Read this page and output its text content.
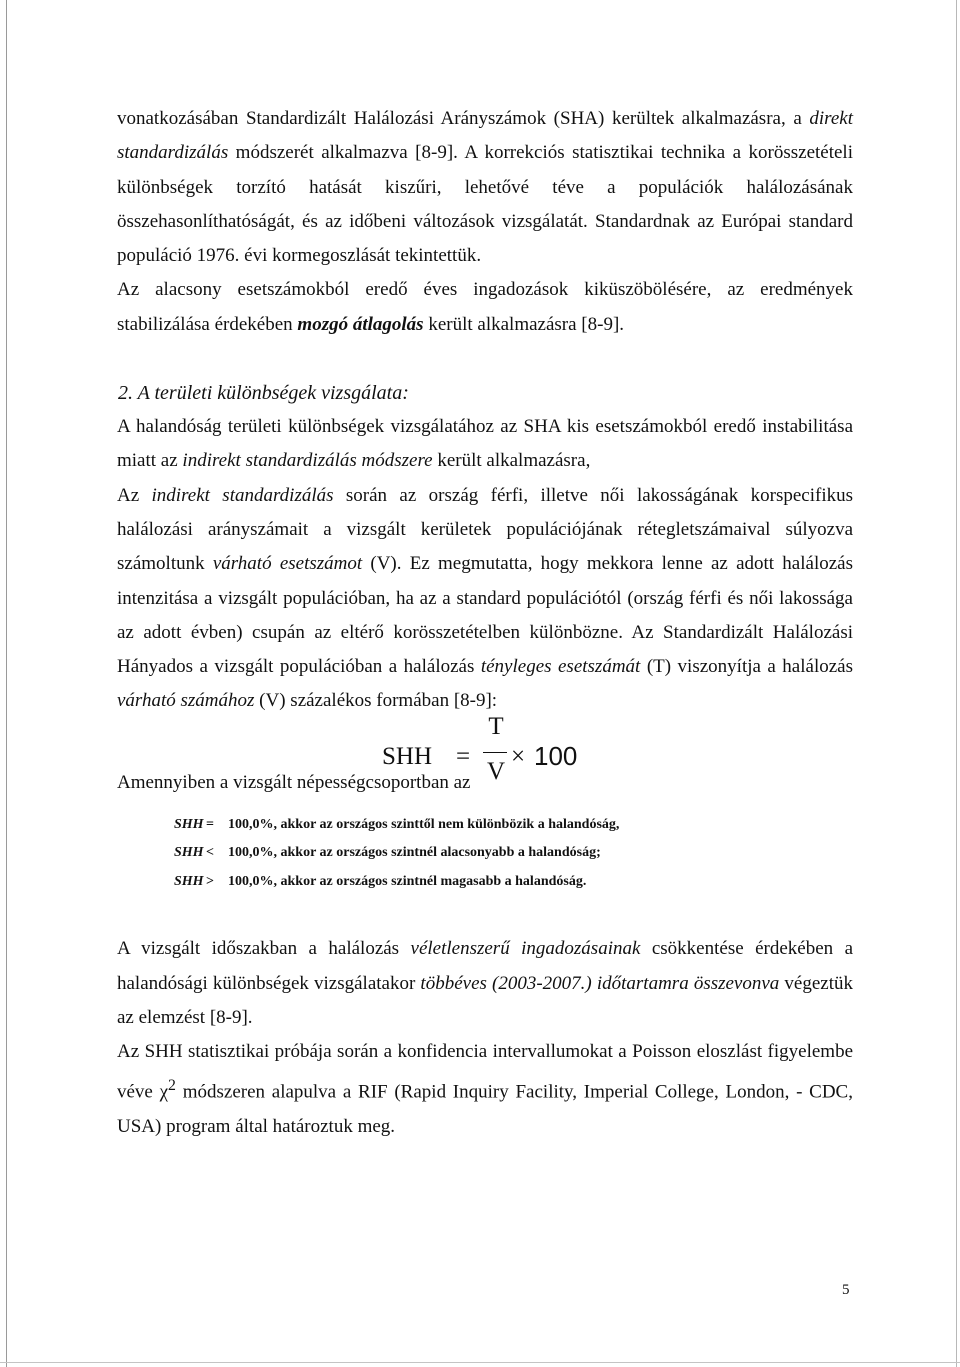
vonatkozásában Standardizált Halálozási Arányszámok (SHA) kerültek alkalmazásra, a direkt standardizálás módszerét alkalmazva [8-9]. A korrekciós statisztikai technika a korösszetételi különbségek torzító hatását kiszűri, lehetővé téve a populációk halálozásának összehasonlíthatóságát, és az időbeni változások vizsgálatát. Standardnak az Európai standard populáció 1976. évi kormegoszlását tekintettük.

Az alacsony esetszámokból eredő éves ingadozások kiküszöbölésére, az eredmények stabilizálása érdekében mozgó átlagolás került alkalmazásra [8-9].

2. A területi különbségek vizsgálata:

A halandóság területi különbségek vizsgálatához az SHA kis esetszámokból eredő instabilitása miatt az indirekt standardizálás módszere került alkalmazásra,

Az indirekt standardizálás során az ország férfi, illetve női lakosságának korspecifikus halálozási arányszámait a vizsgált kerületek populációjának rétegletszámaival súlyozva számoltunk várható esetszámot (V). Ez megmutatta, hogy mekkora lenne az adott halálozás intenzitása a vizsgált populációban, ha az a standard populációtól (ország férfi és női lakossága az adott évben) csupán az eltérő korösszetételben különbözne. Az Standardizált Halálozási Hányados a vizsgált populációban a halálozás tényleges esetszámát (T) viszonyítja a halálozás várható számához (V) százalékos formában [8-9]:

SHH =
T
V
× 100
Amennyiben a vizsgált népességcsoportban az
SHH = 100,0%, akkor az országos szinttől nem különbözik a halandóság,
SHH < 100,0%, akkor az országos szintnél alacsonyabb a halandóság;
SHH > 100,0%, akkor az országos szintnél magasabb a halandóság.

A vizsgált időszakban a halálozás véletlenszerű ingadozásainak csökkentése érdekében a halandósági különbségek vizsgálatakor többéves (2003-2007.) időtartamra összevonva végeztük az elemzést [8-9].

Az SHH statisztikai próbája során a konfidencia intervallumokat a Poisson eloszlást figyelembe véve $\chi^2$ módszeren alapulva a RIF (Rapid Inquiry Facility, Imperial College, London, - CDC, USA) program által határoztuk meg.

5
